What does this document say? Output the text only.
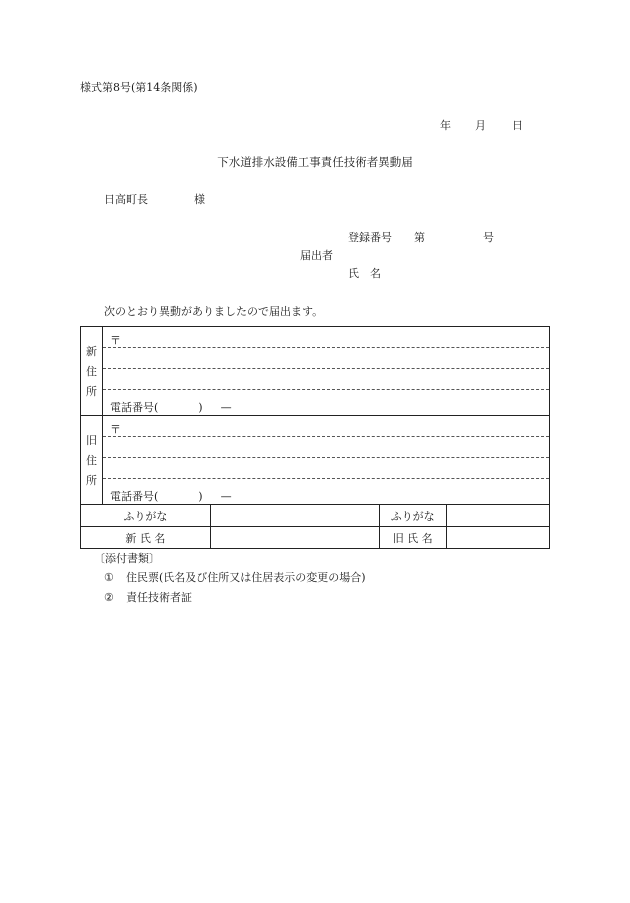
様式第8号(第14条関係)
年 月 日
下水道排水設備工事責任技術者異動届
日高町長	様
登録番号 第	号
届出者
氏　名
次のとおり異動がありましたので届出ます。
新
住
所

〒
電話番号(	) —

旧
住
所

〒
電話番号(	) —

ふりがな			ふりがな	

新 氏 名			旧 氏 名	
〔添付書類〕
① 住民票(氏名及び住所又は住居表示の変更の場合)
② 責任技術者証
